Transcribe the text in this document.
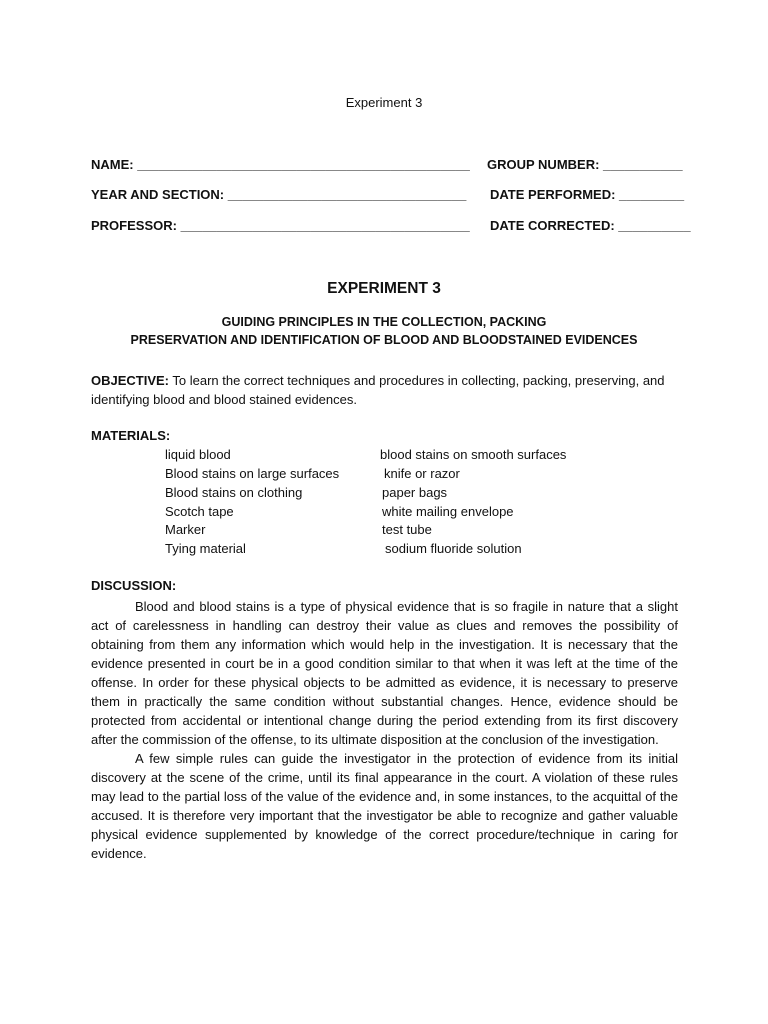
Experiment 3
NAME: ______________________________________________ GROUP NUMBER: ___________
YEAR AND SECTION: _________________________________ DATE PERFORMED: _________
PROFESSOR: ________________________________________ DATE CORRECTED: __________
EXPERIMENT 3
GUIDING PRINCIPLES IN THE COLLECTION, PACKING
PRESERVATION AND IDENTIFICATION OF BLOOD AND BLOODSTAINED EVIDENCES
OBJECTIVE: To learn the correct techniques and procedures in collecting, packing, preserving, and identifying blood and blood stained evidences.
MATERIALS:
liquid blood
Blood stains on large surfaces
Blood stains on clothing
Scotch tape
Marker
Tying material
blood stains on smooth surfaces
knife or razor
paper bags
white mailing envelope
test tube
sodium fluoride solution
DISCUSSION:

Blood and blood stains is a type of physical evidence that is so fragile in nature that a slight act of carelessness in handling can destroy their value as clues and removes the possibility of obtaining from them any information which would help in the investigation. It is necessary that the evidence presented in court be in a good condition similar to that when it was left at the time of the offense. In order for these physical objects to be admitted as evidence, it is necessary to preserve them in practically the same condition without substantial changes. Hence, evidence should be protected from accidental or intentional change during the period extending from its first discovery after the commission of the offense, to its ultimate disposition at the conclusion of the investigation.

A few simple rules can guide the investigator in the protection of evidence from its initial discovery at the scene of the crime, until its final appearance in the court. A violation of these rules may lead to the partial loss of the value of the evidence and, in some instances, to the acquittal of the accused. It is therefore very important that the investigator be able to recognize and gather valuable physical evidence supplemented by knowledge of the correct procedure/technique in caring for evidence.
